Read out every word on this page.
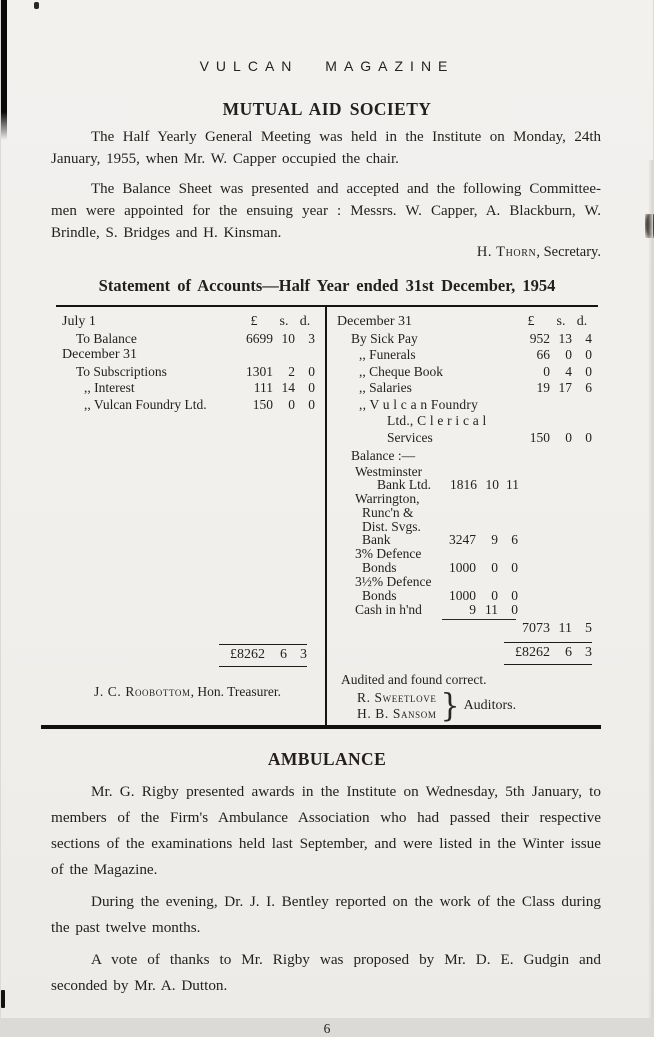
VULCAN MAGAZINE
MUTUAL AID SOCIETY

The Half Yearly General Meeting was held in the Institute on Monday, 24th January, 1955, when Mr. W. Capper occupied the chair.

The Balance Sheet was presented and accepted and the following Committee-men were appointed for the ensuing year : Messrs. W. Capper, A. Blackburn, W. Brindle, S. Bridges and H. Kinsman.

H. Thorn, Secretary.
Statement of Accounts—Half Year ended 31st December, 1954
July 1	£	s. d.
To Balance	6699 10 3
December 31
To Subscriptions	1301	2 0
,, Interest	111 14 0
,, Vulcan Foundry Ltd.	150	0 0
£8262	6 3
J. C. Roobottom, Hon. Treasurer.
December 31	£	s. d.
By Sick Pay	952 13 4
,, Funerals	66	0 0
,, Cheque Book	0	4 0
,, Salaries	19 17 6
,, V u l c a n Foundry
Ltd., C l e r i c a l
Services	150	0 0
Balance :—
Westminster
Bank Ltd.	1816 10 11
Warrington,
Runc'n &
Dist. Svgs.
Bank	3247	9 6
3% Defence
Bonds	1000	0 0
3½% Defence
Bonds	1000	0 0
Cash in h'nd	9 11 0
7073 11 5
£8262	6 3
Audited and found correct.
R. Sweetlove
H. B. Sansom } Auditors.
AMBULANCE

Mr. G. Rigby presented awards in the Institute on Wednesday, 5th January, to members of the Firm's Ambulance Association who had passed their respective sections of the examinations held last September, and were listed in the Winter issue of the Magazine.

During the evening, Dr. J. I. Bentley reported on the work of the Class during the past twelve months.

A vote of thanks to Mr. Rigby was proposed by Mr. D. E. Gudgin and seconded by Mr. A. Dutton.

6
